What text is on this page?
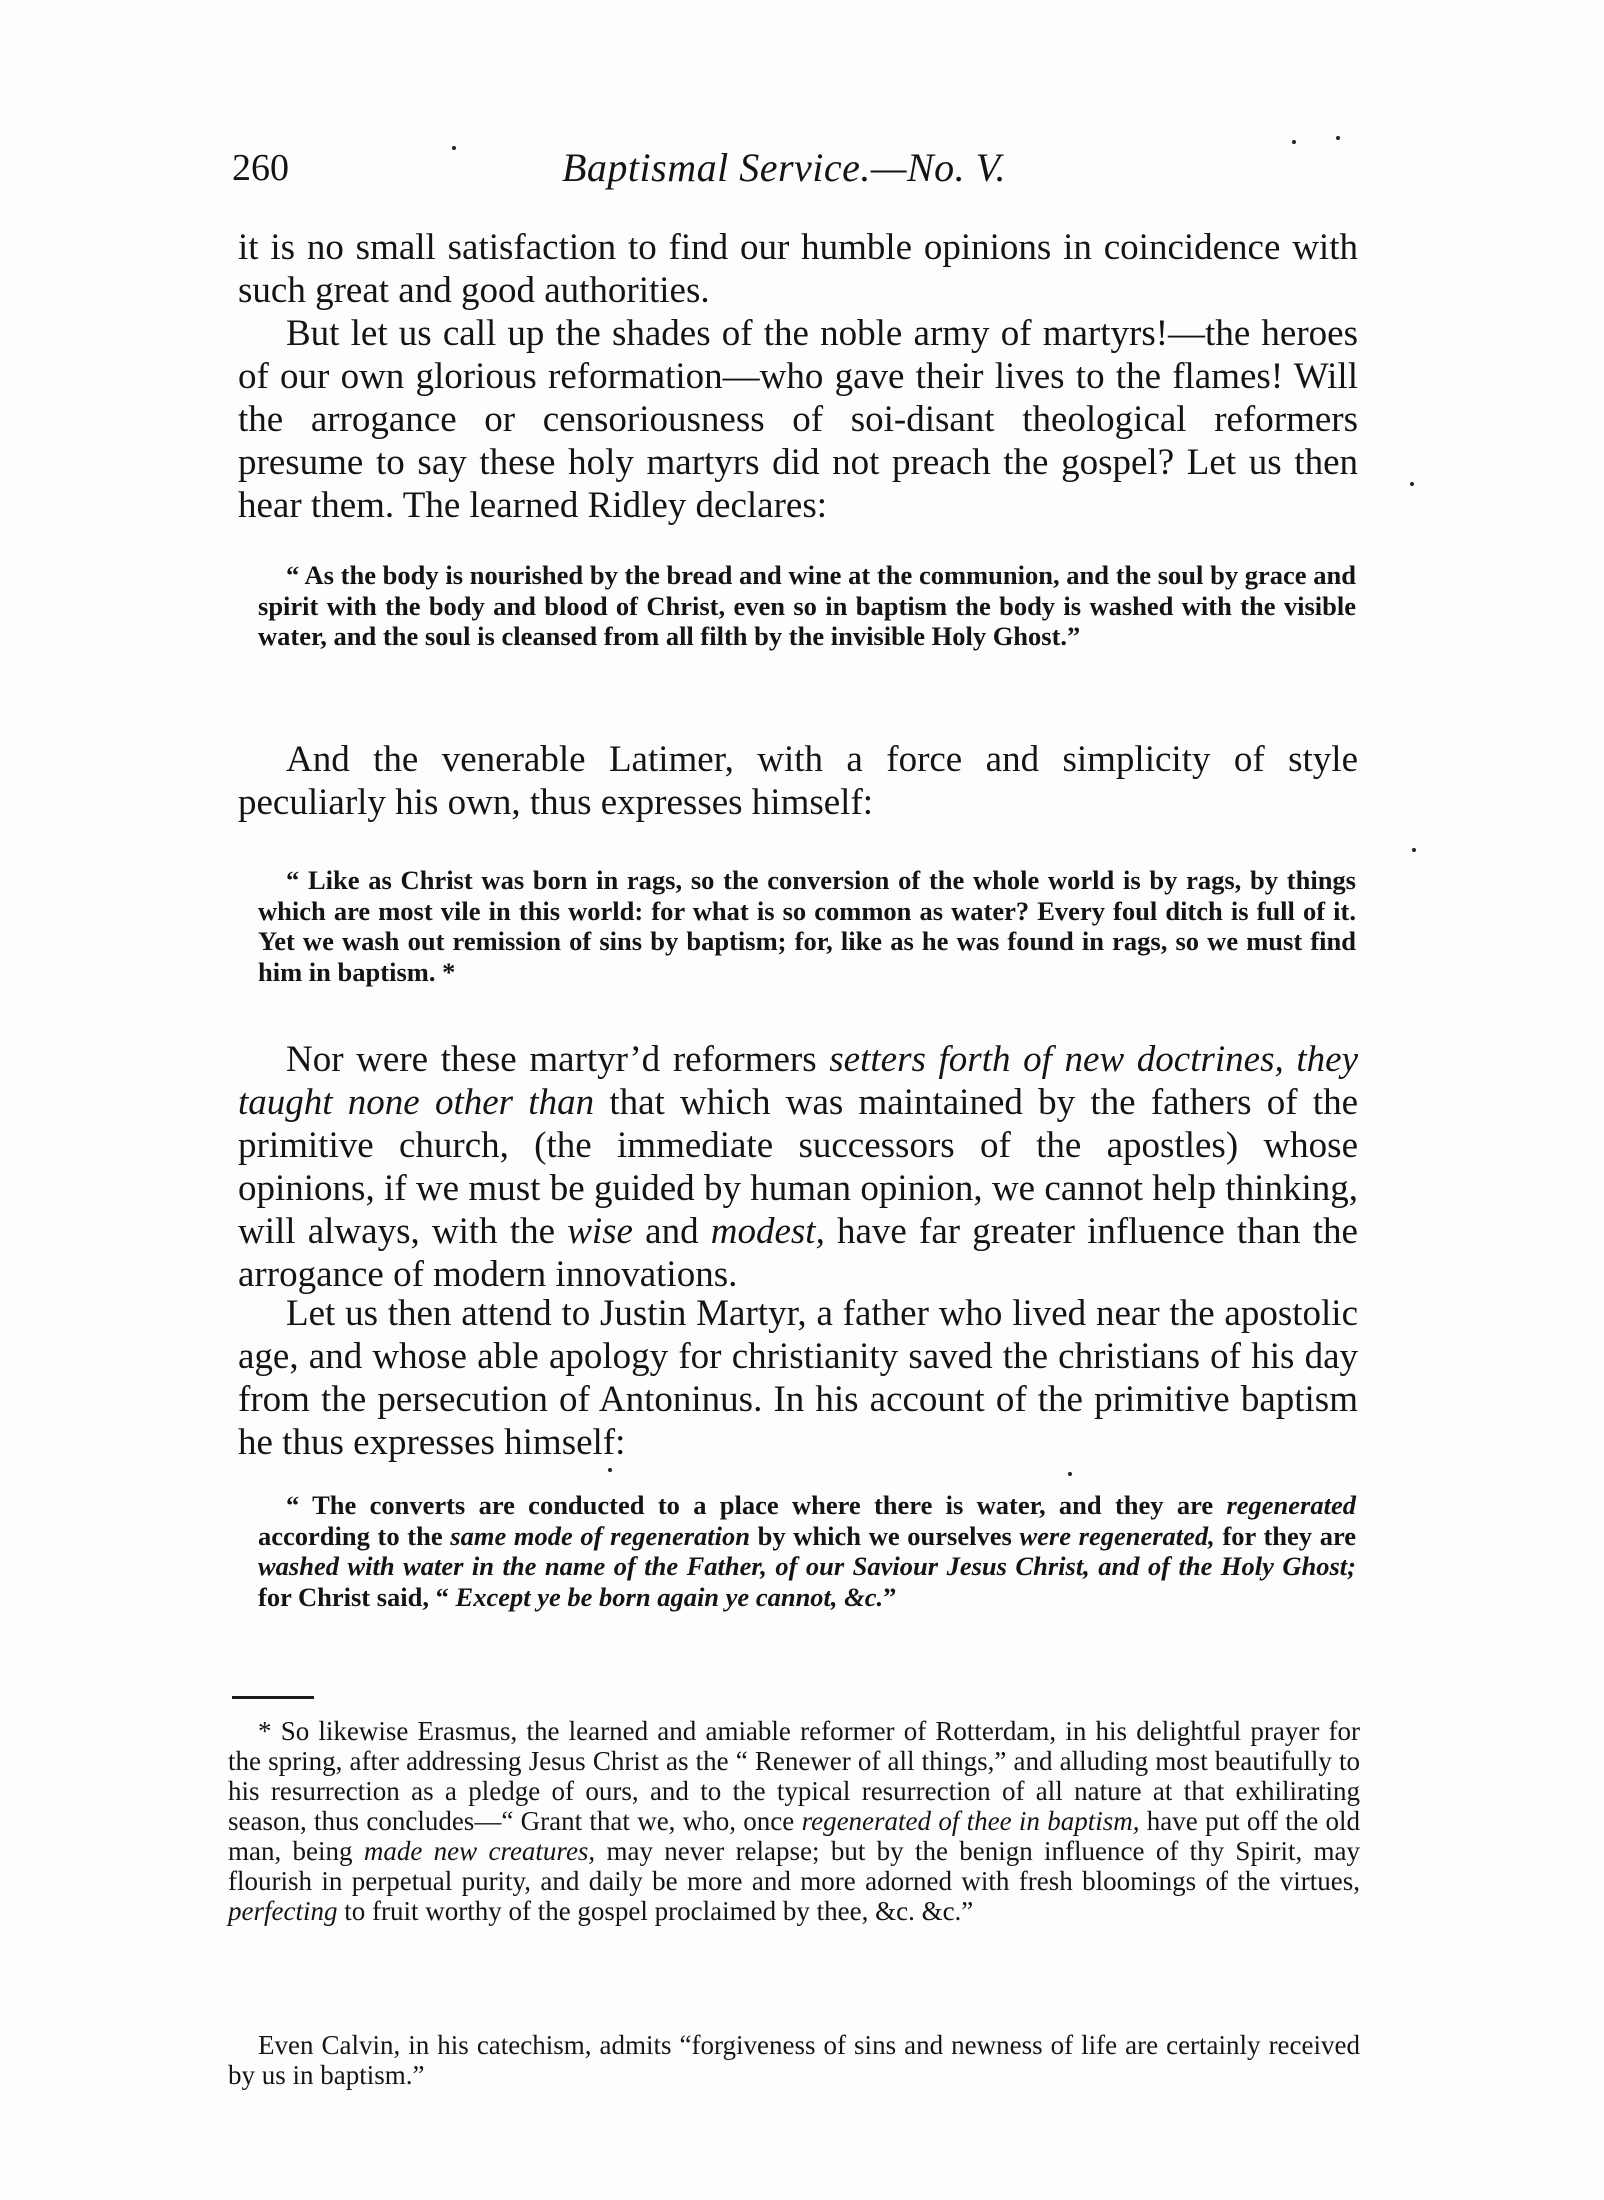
260	Baptismal Service.—No. V.

it is no small satisfaction to find our humble opinions in coincidence with such great and good authorities.

But let us call up the shades of the noble army of martyrs!—the heroes of our own glorious reformation—who gave their lives to the flames! Will the arrogance or censoriousness of soi-disant theological reformers presume to say these holy martyrs did not preach the gospel? Let us then hear them. The learned Ridley declares:

“ As the body is nourished by the bread and wine at the communion, and the soul by grace and spirit with the body and blood of Christ, even so in baptism the body is washed with the visible water, and the soul is cleansed from all filth by the invisible Holy Ghost.”

And the venerable Latimer, with a force and simplicity of style peculiarly his own, thus expresses himself:

“ Like as Christ was born in rags, so the conversion of the whole world is by rags, by things which are most vile in this world: for what is so common as water? Every foul ditch is full of it. Yet we wash out remission of sins by baptism; for, like as he was found in rags, so we must find him in baptism. *

Nor were these martyr’d reformers setters forth of new doctrines, they taught none other than that which was maintained by the fathers of the primitive church, (the immediate successors of the apostles) whose opinions, if we must be guided by human opinion, we cannot help thinking, will always, with the wise and modest, have far greater influence than the arrogance of modern innovations.

Let us then attend to Justin Martyr, a father who lived near the apostolic age, and whose able apology for christianity saved the christians of his day from the persecution of Antoninus. In his account of the primitive baptism he thus expresses himself:

“ The converts are conducted to a place where there is water, and they are regenerated according to the same mode of regeneration by which we ourselves were regenerated, for they are washed with water in the name of the Father, of our Saviour Jesus Christ, and of the Holy Ghost; for Christ said, “ Except ye be born again ye cannot, &c.”

* So likewise Erasmus, the learned and amiable reformer of Rotterdam, in his delightful prayer for the spring, after addressing Jesus Christ as the “ Renewer of all things,” and alluding most beautifully to his resurrection as a pledge of ours, and to the typical resurrection of all nature at that exhilirating season, thus concludes—“ Grant that we, who, once regenerated of thee in baptism, have put off the old man, being made new creatures, may never relapse; but by the benign influence of thy Spirit, may flourish in perpetual purity, and daily be more and more adorned with fresh bloomings of the virtues, perfecting to fruit worthy of the gospel proclaimed by thee, &c. &c.”

Even Calvin, in his catechism, admits “forgiveness of sins and newness of life are certainly received by us in baptism.”
